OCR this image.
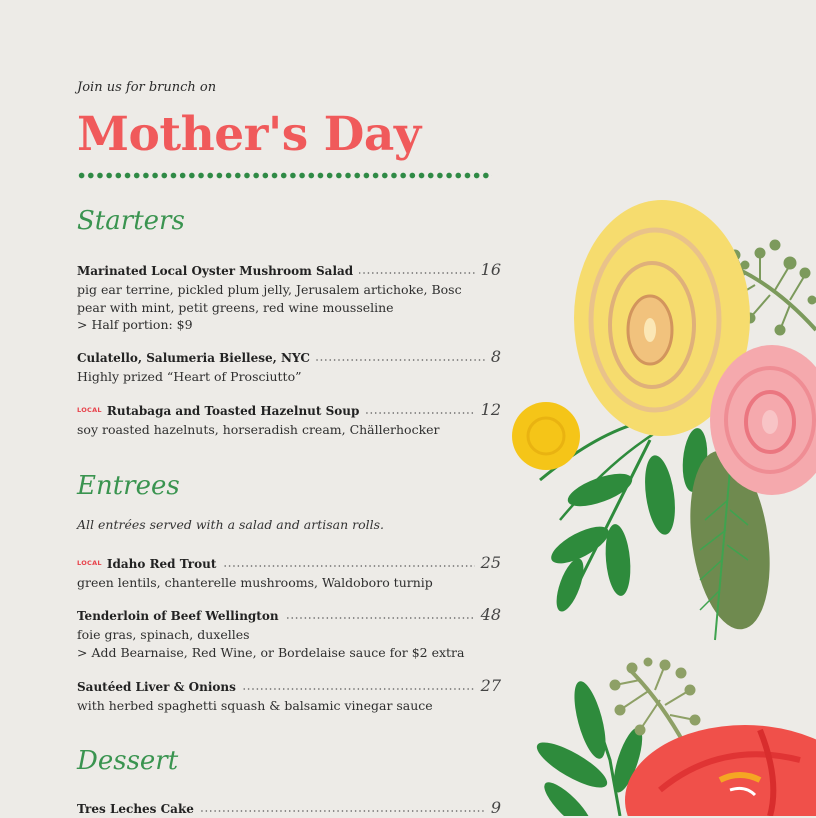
Join us for brunch on
Mother's Day
Starters
Marinated Local Oyster Mushroom Salad	16
pig ear terrine, pickled plum jelly, Jerusalem artichoke, Bosc
pear with mint, petit greens, red wine mousseline
> Half portion: $9
Culatello, Salumeria Biellese, NYC	8
Highly prized “Heart of Prosciutto”
LOCAL Rutabaga and Toasted Hazelnut Soup	12
soy roasted hazelnuts, horseradish cream, Chällerhocker
Entrees
All entrées served with a salad and artisan rolls.
LOCAL Idaho Red Trout	25
green lentils, chanterelle mushrooms, Waldoboro turnip
Tenderloin of Beef Wellington	48
foie gras, spinach, duxelles
> Add Bearnaise, Red Wine, or Bordelaise sauce for $2 extra
Sautéed Liver & Onions	27
with herbed spaghetti squash & balsamic vinegar sauce
Dessert
Tres Leches Cake	9
